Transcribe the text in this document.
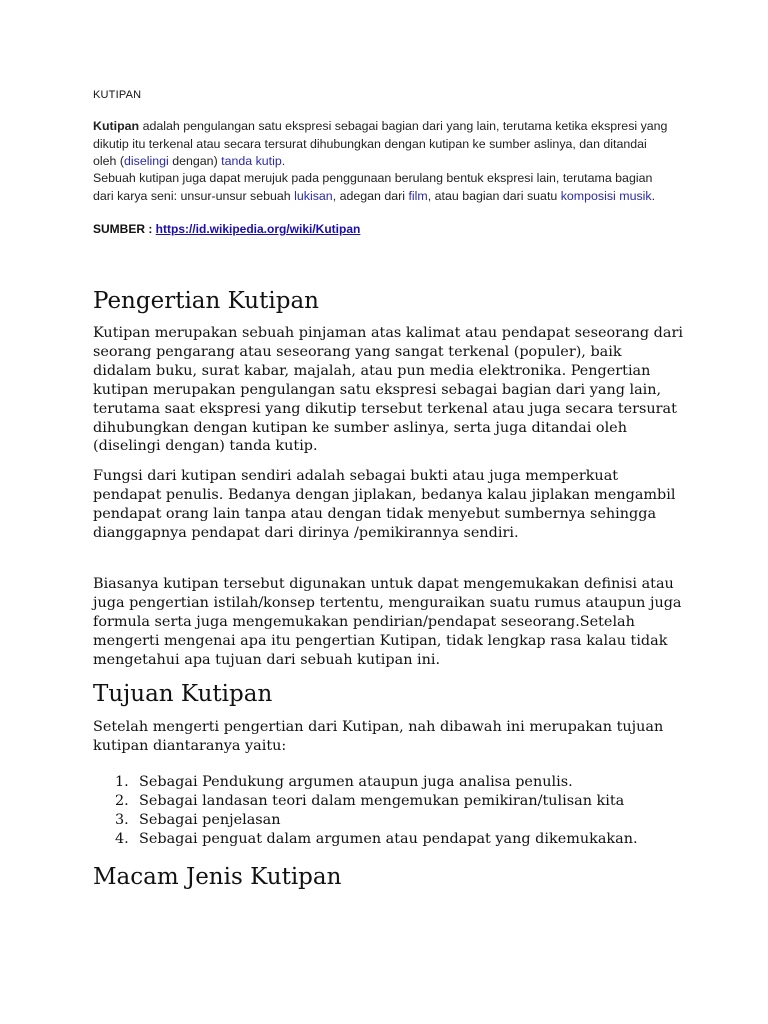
KUTIPAN
Kutipan adalah pengulangan satu ekspresi sebagai bagian dari yang lain, terutama ketika ekspresi yang dikutip itu terkenal atau secara tersurat dihubungkan dengan kutipan ke sumber aslinya, dan ditandai oleh (diselingi dengan) tanda kutip.
Sebuah kutipan juga dapat merujuk pada penggunaan berulang bentuk ekspresi lain, terutama bagian dari karya seni: unsur-unsur sebuah lukisan, adegan dari film, atau bagian dari suatu komposisi musik.
SUMBER : https://id.wikipedia.org/wiki/Kutipan
Pengertian Kutipan
Kutipan merupakan sebuah pinjaman atas kalimat atau pendapat seseorang dari seorang pengarang atau seseorang yang sangat terkenal (populer), baik didalam buku, surat kabar, majalah, atau pun media elektronika. Pengertian kutipan merupakan pengulangan satu ekspresi sebagai bagian dari yang lain, terutama saat ekspresi yang dikutip tersebut terkenal atau juga secara tersurat dihubungkan dengan kutipan ke sumber aslinya, serta juga ditandai oleh (diselingi dengan) tanda kutip.
Fungsi dari kutipan sendiri adalah sebagai bukti atau juga memperkuat pendapat penulis. Bedanya dengan jiplakan, bedanya kalau jiplakan mengambil pendapat orang lain tanpa atau dengan tidak menyebut sumbernya sehingga dianggapnya pendapat dari dirinya /pemikirannya sendiri.
Biasanya kutipan tersebut digunakan untuk dapat mengemukakan definisi atau juga pengertian istilah/konsep tertentu, menguraikan suatu rumus ataupun juga formula serta juga mengemukakan pendirian/pendapat seseorang.Setelah mengerti mengenai apa itu pengertian Kutipan, tidak lengkap rasa kalau tidak mengetahui apa tujuan dari sebuah kutipan ini.
Tujuan Kutipan
Setelah mengerti pengertian dari Kutipan, nah dibawah ini merupakan tujuan kutipan diantaranya yaitu:
1. Sebagai Pendukung argumen ataupun juga analisa penulis.
2. Sebagai landasan teori dalam mengemukan pemikiran/tulisan kita
3. Sebagai penjelasan
4. Sebagai penguat dalam argumen atau pendapat yang dikemukakan.
Macam Jenis Kutipan
